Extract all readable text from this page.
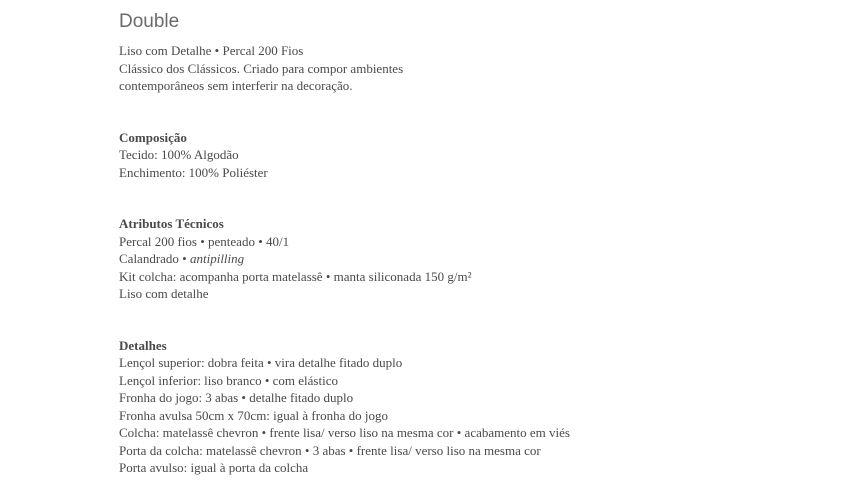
Double

Liso com Detalhe • Percal 200 Fios

Clássico dos Clássicos. Criado para compor ambientes

contemporâneos sem interferir na decoração.

Composição

Tecido: 100% Algodão

Enchimento: 100% Poliéster

Atributos Técnicos

Percal 200 fios • penteado • 40/1

Calandrado • antipilling

Kit colcha: acompanha porta matelassê • manta siliconada 150 g/m²

Liso com detalhe

Detalhes

Lençol superior: dobra feita • vira detalhe fitado duplo

Lençol inferior: liso branco • com elástico

Fronha do jogo: 3 abas • detalhe fitado duplo

Fronha avulsa 50cm x 70cm: igual à fronha do jogo

Colcha: matelassê chevron • frente lisa/ verso liso na mesma cor • acabamento em viés

Porta da colcha: matelassê chevron • 3 abas • frente lisa/ verso liso na mesma cor

Porta avulso: igual à porta da colcha
